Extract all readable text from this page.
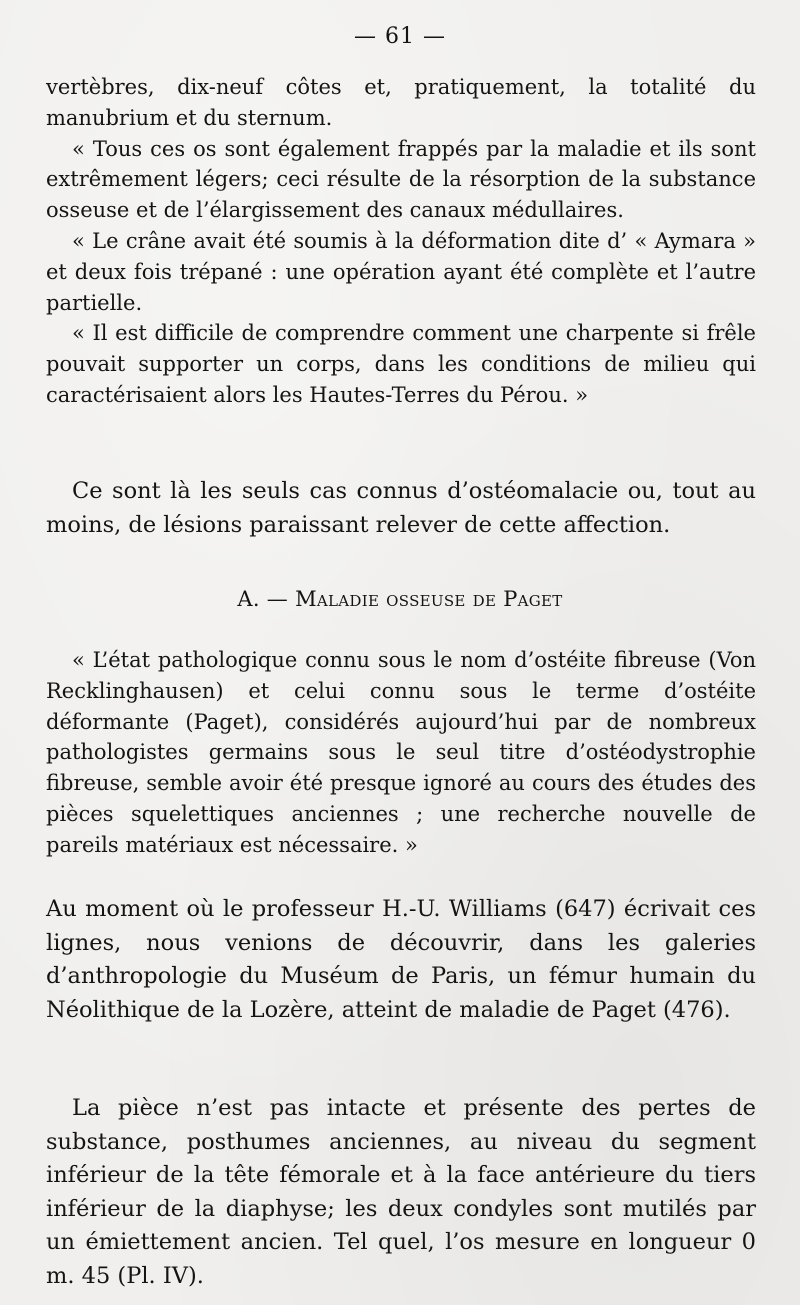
— 61 —

vertèbres, dix-neuf côtes et, pratiquement, la totalité du manubrium et du sternum.

« Tous ces os sont également frappés par la maladie et ils sont extrêmement légers; ceci résulte de la résorption de la substance osseuse et de l’élargissement des canaux médullaires.

« Le crâne avait été soumis à la déformation dite d’ « Aymara » et deux fois trépané : une opération ayant été complète et l’autre partielle.

« Il est difficile de comprendre comment une charpente si frêle pouvait supporter un corps, dans les conditions de milieu qui caractérisaient alors les Hautes-Terres du Pérou. »

Ce sont là les seuls cas connus d’ostéomalacie ou, tout au moins, de lésions paraissant relever de cette affection.

A. — Maladie osseuse de Paget

« L’état pathologique connu sous le nom d’ostéite fibreuse (Von Recklinghausen) et celui connu sous le terme d’ostéite déformante (Paget), considérés aujourd’hui par de nombreux pathologistes germains sous le seul titre d’ostéodystrophie fibreuse, semble avoir été presque ignoré au cours des études des pièces squelettiques anciennes ; une recherche nouvelle de pareils matériaux est nécessaire. »

Au moment où le professeur H.-U. Williams (647) écrivait ces lignes, nous venions de découvrir, dans les galeries d’anthropologie du Muséum de Paris, un fémur humain du Néolithique de la Lozère, atteint de maladie de Paget (476).

La pièce n’est pas intacte et présente des pertes de substance, posthumes anciennes, au niveau du segment inférieur de la tête fémorale et à la face antérieure du tiers inférieur de la diaphyse; les deux condyles sont mutilés par un émiettement ancien. Tel quel, l’os mesure en longueur 0 m. 45 (Pl. IV).
